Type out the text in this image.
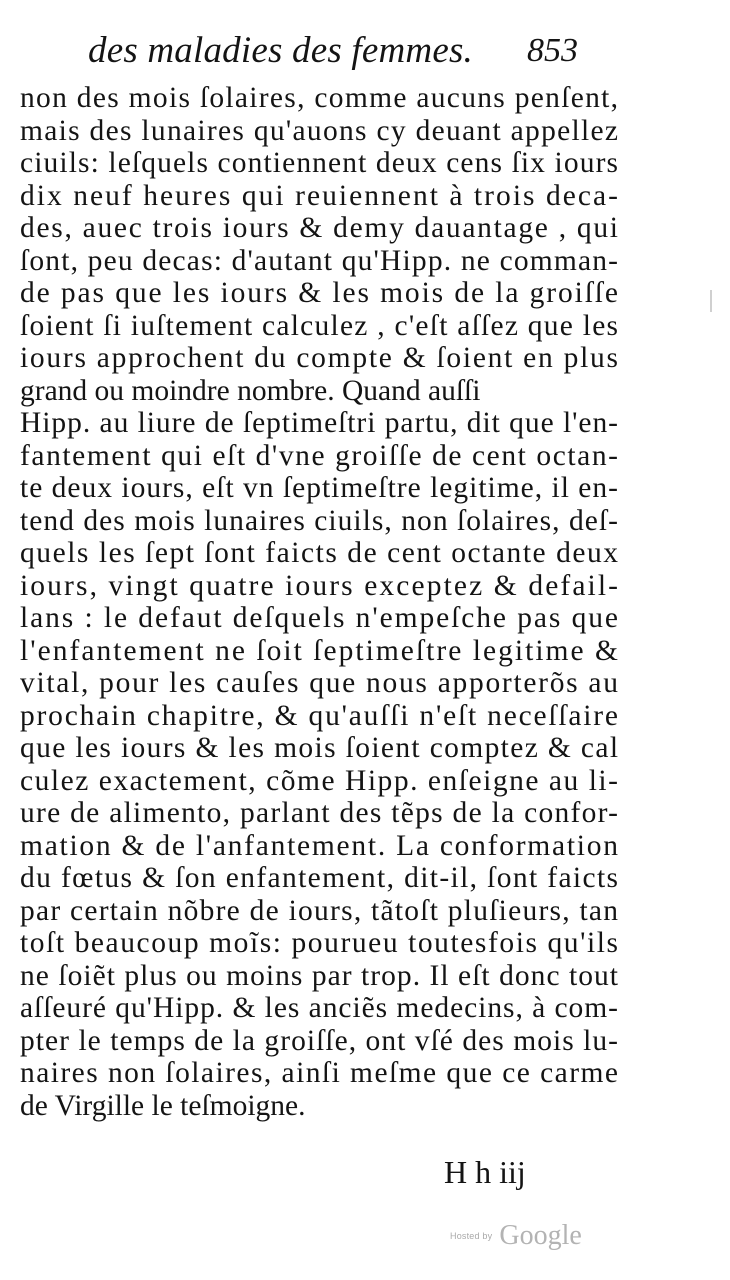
des maladies des femmes. 853
non des mois ſolaires, comme aucuns penſent,
mais des lunaires qu'auons cy deuant appellez
ciuils: leſquels contiennent deux cens ſix iours
dix neuf heures qui reuiennent à trois deca-
des, auec trois iours & demy dauantage , qui
ſont, peu decas: d'autant qu'Hipp. ne comman-
de pas que les iours & les mois de la groiſſe
ſoient ſi iuſtement calculez , c'eſt aſſez que les
iours approchent du compte & ſoient en plus
grand ou moindre nombre. Quand auſſi
Hipp. au liure de ſeptimeſtri partu, dit que l'en-
fantement qui eſt d'vne groiſſe de cent octan-
te deux iours, eſt vn ſeptimeſtre legitime, il en-
tend des mois lunaires ciuils, non ſolaires, deſ-
quels les ſept ſont faicts de cent octante deux
iours, vingt quatre iours exceptez & defail-
lans : le defaut deſquels n'empeſche pas que
l'enfantement ne ſoit ſeptimeſtre legitime &
vital, pour les cauſes que nous apporterõs au
prochain chapitre, & qu'auſſi n'eſt neceſſaire
que les iours & les mois ſoient comptez & cal
culez exactement, cõme Hipp. enſeigne au li-
ure de alimento, parlant des tẽps de la confor-
mation & de l'anfantement. La conformation
du fœtus & ſon enfantement, dit-il, ſont faicts
par certain nõbre de iours, tãtoſt pluſieurs, tan
toſt beaucoup moĩs: pourueu toutesfois qu'ils
ne ſoiẽt plus ou moins par trop. Il eſt donc tout
aſſeuré qu'Hipp. & les anciẽs medecins, à com-
pter le temps de la groiſſe, ont vſé des mois lu-
naires non ſolaires, ainſi meſme que ce carme
de Virgille le teſmoigne.
H h iij
Hosted by Google
